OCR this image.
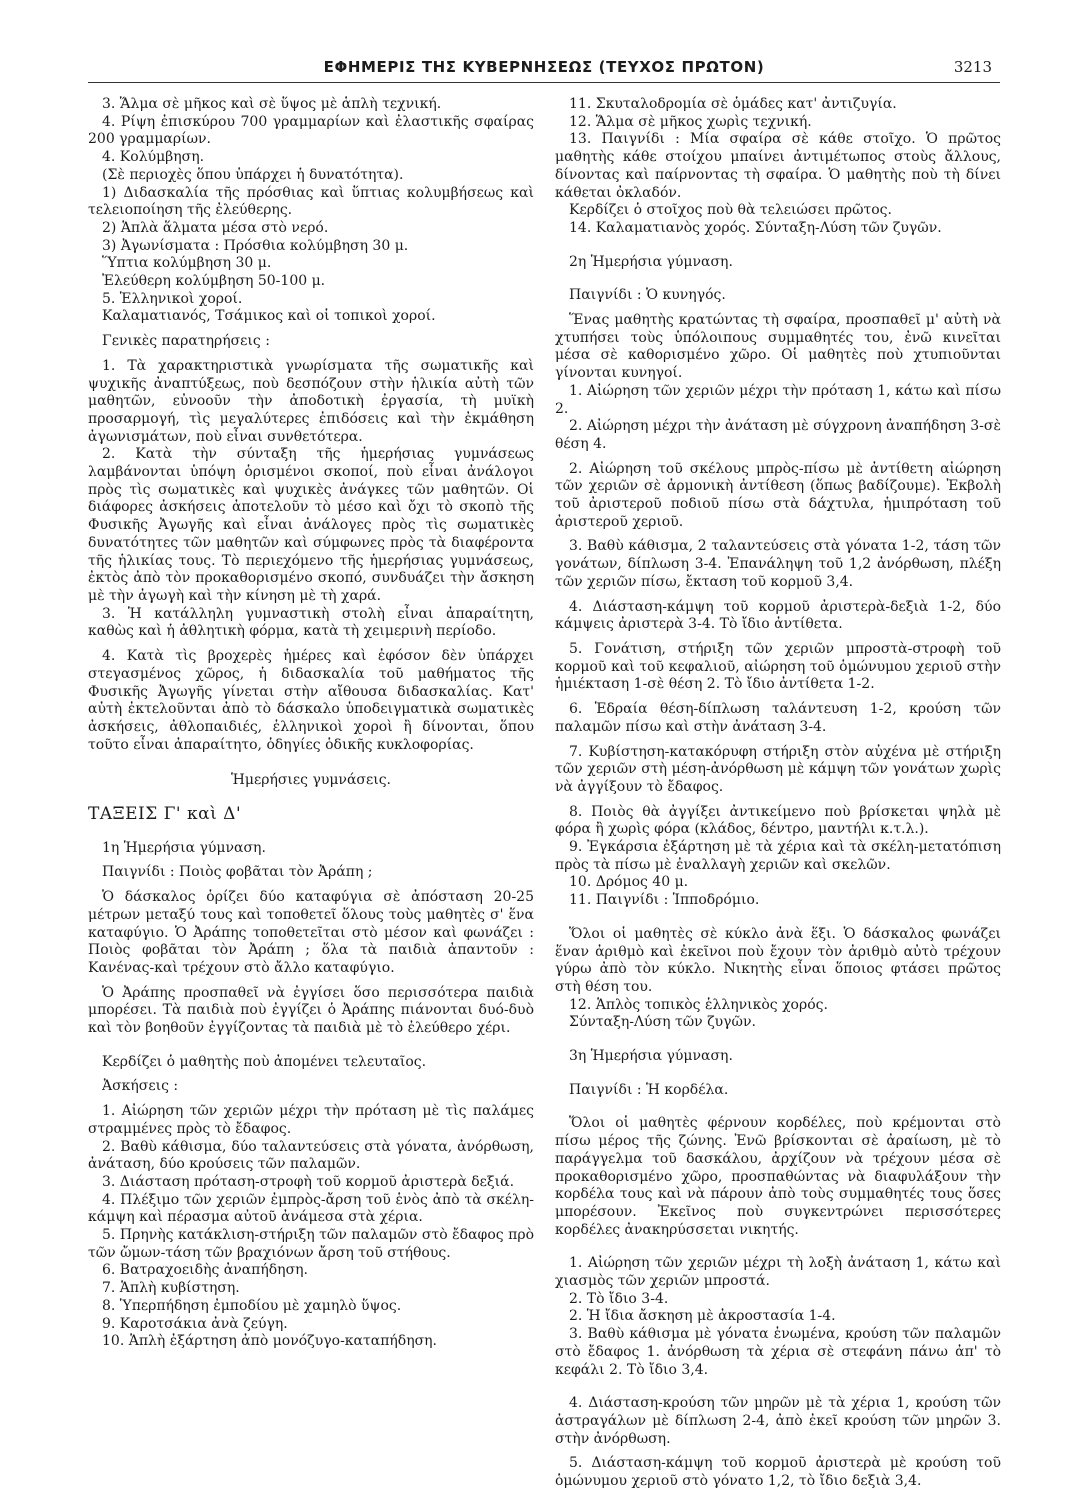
ΕΦΗΜΕΡΙΣ ΤΗΣ ΚΥΒΕΡΝΗΣΕΩΣ (ΤΕΥΧΟΣ ΠΡΩΤΟΝ)	3213

3. Ἅλμα σὲ μῆκος καὶ σὲ ὕψος μὲ ἁπλὴ τεχνική.

4. Ρίψη ἐπισκύρου 700 γραμμαρίων καὶ ἐλαστικῆς σφαίρας 200 γραμμαρίων.

4. Κολύμβηση.

(Σὲ περιοχὲς ὅπου ὑπάρχει ἡ δυνατότητα).

1) Διδασκαλία τῆς πρόσθιας καὶ ὕπτιας κολυμβήσεως καὶ τελειοποίηση τῆς ἐλεύθερης.

2) Ἁπλὰ ἅλματα μέσα στὸ νερό.

3) Ἀγωνίσματα : Πρόσθια κολύμβηση 30 μ.

Ὕπτια κολύμβηση 30 μ.

Ἐλεύθερη κολύμβηση 50-100 μ.

5. Ἑλληνικοὶ χοροί.

Καλαματιανός, Τσάμικος καὶ οἱ τοπικοὶ χοροί.

Γενικὲς παρατηρήσεις :

1. Τὰ χαρακτηριστικὰ γνωρίσματα τῆς σωματικῆς καὶ ψυχικῆς ἀναπτύξεως, ποὺ δεσπόζουν στὴν ἡλικία αὐτὴ τῶν μαθητῶν, εὐνοοῦν τὴν ἀποδοτικὴ ἐργασία, τὴ μυϊκὴ προσαρμογή, τὶς μεγαλύτερες ἐπιδόσεις καὶ τὴν ἐκμάθηση ἀγωνισμάτων, ποὺ εἶναι συνθετότερα.

2. Κατὰ τὴν σύνταξη τῆς ἡμερήσιας γυμνάσεως λαμβάνονται ὑπόψη ὁρισμένοι σκοποί, ποὺ εἶναι ἀνάλογοι πρὸς τὶς σωματικὲς καὶ ψυχικὲς ἀνάγκες τῶν μαθητῶν. Οἱ διάφορες ἀσκήσεις ἀποτελοῦν τὸ μέσο καὶ ὄχι τὸ σκοπὸ τῆς Φυσικῆς Ἀγωγῆς καὶ εἶναι ἀνάλογες πρὸς τὶς σωματικὲς δυνατότητες τῶν μαθητῶν καὶ σύμφωνες πρὸς τὰ διαφέροντα τῆς ἡλικίας τους. Τὸ περιεχόμενο τῆς ἡμερήσιας γυμνάσεως, ἐκτὸς ἀπὸ τὸν προκαθορισμένο σκοπό, συνδυάζει τὴν ἄσκηση μὲ τὴν ἀγωγὴ καὶ τὴν κίνηση μὲ τὴ χαρά.

3. Ἡ κατάλληλη γυμναστικὴ στολὴ εἶναι ἀπαραίτητη, καθὼς καὶ ἡ ἀθλητικὴ φόρμα, κατὰ τὴ χειμερινὴ περίοδο.

4. Κατὰ τὶς βροχερὲς ἡμέρες καὶ ἐφόσον δὲν ὑπάρχει στεγασμένος χῶρος, ἡ διδασκαλία τοῦ μαθήματος τῆς Φυσικῆς Ἀγωγῆς γίνεται στὴν αἴθουσα διδασκαλίας. Κατ' αὐτὴ ἐκτελοῦνται ἀπὸ τὸ δάσκαλο ὑποδειγματικὰ σωματικὲς ἀσκήσεις, ἀθλοπαιδιές, ἑλληνικοὶ χοροὶ ἢ δίνονται, ὅπου τοῦτο εἶναι ἀπαραίτητο, ὁδηγίες ὁδικῆς κυκλοφορίας.

Ἡμερήσιες γυμνάσεις.

ΤΑΞΕΙΣ Γ' καὶ Δ'

1η Ἡμερήσια γύμναση.

Παιγνίδι : Ποιὸς φοβᾶται τὸν Ἀράπη ;

Ὁ δάσκαλος ὁρίζει δύο καταφύγια σὲ ἀπόσταση 20-25 μέτρων μεταξύ τους καὶ τοποθετεῖ ὅλους τοὺς μαθητὲς σ' ἕνα καταφύγιο. Ὁ Ἀράπης τοποθετεῖται στὸ μέσον καὶ φωνάζει : Ποιὸς φοβᾶται τὸν Ἀράπη ; ὅλα τὰ παιδιὰ ἀπαντοῦν : Κανένας-καὶ τρέχουν στὸ ἄλλο καταφύγιο.

Ὁ Ἀράπης προσπαθεῖ νὰ ἐγγίσει ὅσο περισσότερα παιδιὰ μπορέσει. Τὰ παιδιὰ ποὺ ἐγγίζει ὁ Ἀράπης πιάνονται δυό-δυὸ καὶ τὸν βοηθοῦν ἐγγίζοντας τὰ παιδιὰ μὲ τὸ ἐλεύθερο χέρι.

Κερδίζει ὁ μαθητὴς ποὺ ἀπομένει τελευταῖος.

Ἀσκήσεις :

1. Αἰώρηση τῶν χεριῶν μέχρι τὴν πρόταση μὲ τὶς παλάμες στραμμένες πρὸς τὸ ἔδαφος.

2. Βαθὺ κάθισμα, δύο ταλαντεύσεις στὰ γόνατα, ἀνόρθωση, ἀνάταση, δύο κρούσεις τῶν παλαμῶν.

3. Διάσταση πρόταση-στροφὴ τοῦ κορμοῦ ἀριστερὰ δεξιά.

4. Πλέξιμο τῶν χεριῶν ἐμπρὸς-ἄρση τοῦ ἑνὸς ἀπὸ τὰ σκέλη-κάμψη καὶ πέρασμα αὐτοῦ ἀνάμεσα στὰ χέρια.

5. Πρηνὴς κατάκλιση-στήριξη τῶν παλαμῶν στὸ ἔδαφος πρὸ τῶν ὤμων-τάση τῶν βραχιόνων ἄρση τοῦ στήθους.

6. Βατραχοειδὴς ἀναπήδηση.

7. Ἁπλὴ κυβίστηση.

8. Ὑπερπήδηση ἐμποδίου μὲ χαμηλὸ ὕψος.

9. Καροτσάκια ἀνὰ ζεύγη.

10. Ἁπλὴ ἐξάρτηση ἀπὸ μονόζυγο-καταπήδηση.

11. Σκυταλοδρομία σὲ ὁμάδες κατ' ἀντιζυγία.

12. Ἅλμα σὲ μῆκος χωρὶς τεχνική.

13. Παιγνίδι : Μία σφαίρα σὲ κάθε στοῖχο. Ὁ πρῶτος μαθητὴς κάθε στοίχου μπαίνει ἀντιμέτωπος στοὺς ἄλλους, δίνοντας καὶ παίρνοντας τὴ σφαίρα. Ὁ μαθητὴς ποὺ τὴ δίνει κάθεται ὀκλαδόν.

Κερδίζει ὁ στοῖχος ποὺ θὰ τελειώσει πρῶτος.

14. Καλαματιανὸς χορός. Σύνταξη-Λύση τῶν ζυγῶν.

2η Ἡμερήσια γύμναση.

Παιγνίδι : Ὁ κυνηγός.

Ἕνας μαθητὴς κρατώντας τὴ σφαίρα, προσπαθεῖ μ' αὐτὴ νὰ χτυπήσει τοὺς ὑπόλοιπους συμμαθητές του, ἐνῶ κινεῖται μέσα σὲ καθορισμένο χῶρο. Οἱ μαθητὲς ποὺ χτυπιοῦνται γίνονται κυνηγοί.

1. Αἰώρηση τῶν χεριῶν μέχρι τὴν πρόταση 1, κάτω καὶ πίσω 2.

2. Αἰώρηση μέχρι τὴν ἀνάταση μὲ σύγχρονη ἀναπήδηση 3-σὲ θέση 4.

2. Αἰώρηση τοῦ σκέλους μπρὸς-πίσω μὲ ἀντίθετη αἰώρηση τῶν χεριῶν σὲ ἁρμονικὴ ἀντίθεση (ὅπως βαδίζουμε). Ἐκβολὴ τοῦ ἀριστεροῦ ποδιοῦ πίσω στὰ δάχτυλα, ἡμιπρόταση τοῦ ἀριστεροῦ χεριοῦ.

3. Βαθὺ κάθισμα, 2 ταλαντεύσεις στὰ γόνατα 1-2, τάση τῶν γονάτων, δίπλωση 3-4. Ἐπανάληψη τοῦ 1,2 ἀνόρθωση, πλέξη τῶν χεριῶν πίσω, ἔκταση τοῦ κορμοῦ 3,4.

4. Διάσταση-κάμψη τοῦ κορμοῦ ἀριστερὰ-δεξιὰ 1-2, δύο κάμψεις ἀριστερὰ 3-4. Τὸ ἴδιο ἀντίθετα.

5. Γονάτιση, στήριξη τῶν χεριῶν μπροστὰ-στροφὴ τοῦ κορμοῦ καὶ τοῦ κεφαλιοῦ, αἰώρηση τοῦ ὁμώνυμου χεριοῦ στὴν ἡμιέκταση 1-σὲ θέση 2. Τὸ ἴδιο ἀντίθετα 1-2.

6. Ἑδραία θέση-δίπλωση ταλάντευση 1-2, κρούση τῶν παλαμῶν πίσω καὶ στὴν ἀνάταση 3-4.

7. Κυβίστηση-κατακόρυφη στήριξη στὸν αὐχένα μὲ στήριξη τῶν χεριῶν στὴ μέση-ἀνόρθωση μὲ κάμψη τῶν γονάτων χωρὶς νὰ ἀγγίξουν τὸ ἔδαφος.

8. Ποιὸς θὰ ἀγγίξει ἀντικείμενο ποὺ βρίσκεται ψηλὰ μὲ φόρα ἢ χωρὶς φόρα (κλάδος, δέντρο, μαντήλι κ.τ.λ.).

9. Ἐγκάρσια ἐξάρτηση μὲ τὰ χέρια καὶ τὰ σκέλη-μετατόπιση πρὸς τὰ πίσω μὲ ἐναλλαγὴ χεριῶν καὶ σκελῶν.

10. Δρόμος 40 μ.

11. Παιγνίδι : Ἱπποδρόμιο.

Ὅλοι οἱ μαθητὲς σὲ κύκλο ἀνὰ ἕξι. Ὁ δάσκαλος φωνάζει ἕναν ἀριθμὸ καὶ ἐκεῖνοι ποὺ ἔχουν τὸν ἀριθμὸ αὐτὸ τρέχουν γύρω ἀπὸ τὸν κύκλο. Νικητὴς εἶναι ὅποιος φτάσει πρῶτος στὴ θέση του.

12. Ἁπλὸς τοπικὸς ἑλληνικὸς χορός.

Σύνταξη-Λύση τῶν ζυγῶν.

3η Ἡμερήσια γύμναση.

Παιγνίδι : Ἡ κορδέλα.

Ὅλοι οἱ μαθητὲς φέρνουν κορδέλες, ποὺ κρέμονται στὸ πίσω μέρος τῆς ζώνης. Ἐνῶ βρίσκονται σὲ ἀραίωση, μὲ τὸ παράγγελμα τοῦ δασκάλου, ἀρχίζουν νὰ τρέχουν μέσα σὲ προκαθορισμένο χῶρο, προσπαθώντας νὰ διαφυλάξουν τὴν κορδέλα τους καὶ νὰ πάρουν ἀπὸ τοὺς συμμαθητές τους ὅσες μπορέσουν. Ἐκεῖνος ποὺ συγκεντρώνει περισσότερες κορδέλες ἀνακηρύσσεται νικητής.

1. Αἰώρηση τῶν χεριῶν μέχρι τὴ λοξὴ ἀνάταση 1, κάτω καὶ χιασμὸς τῶν χεριῶν μπροστά.

2. Τὸ ἴδιο 3-4.

2. Ἡ ἴδια ἄσκηση μὲ ἀκροστασία 1-4.

3. Βαθὺ κάθισμα μὲ γόνατα ἑνωμένα, κρούση τῶν παλαμῶν στὸ ἔδαφος 1. ἀνόρθωση τὰ χέρια σὲ στεφάνη πάνω ἀπ' τὸ κεφάλι 2. Τὸ ἴδιο 3,4.

4. Διάσταση-κρούση τῶν μηρῶν μὲ τὰ χέρια 1, κρούση τῶν ἀστραγάλων μὲ δίπλωση 2-4, ἀπὸ ἐκεῖ κρούση τῶν μηρῶν 3. στὴν ἀνόρθωση.

5. Διάσταση-κάμψη τοῦ κορμοῦ ἀριστερὰ μὲ κρούση τοῦ ὁμώνυμου χεριοῦ στὸ γόνατο 1,2, τὸ ἴδιο δεξιὰ 3,4.
